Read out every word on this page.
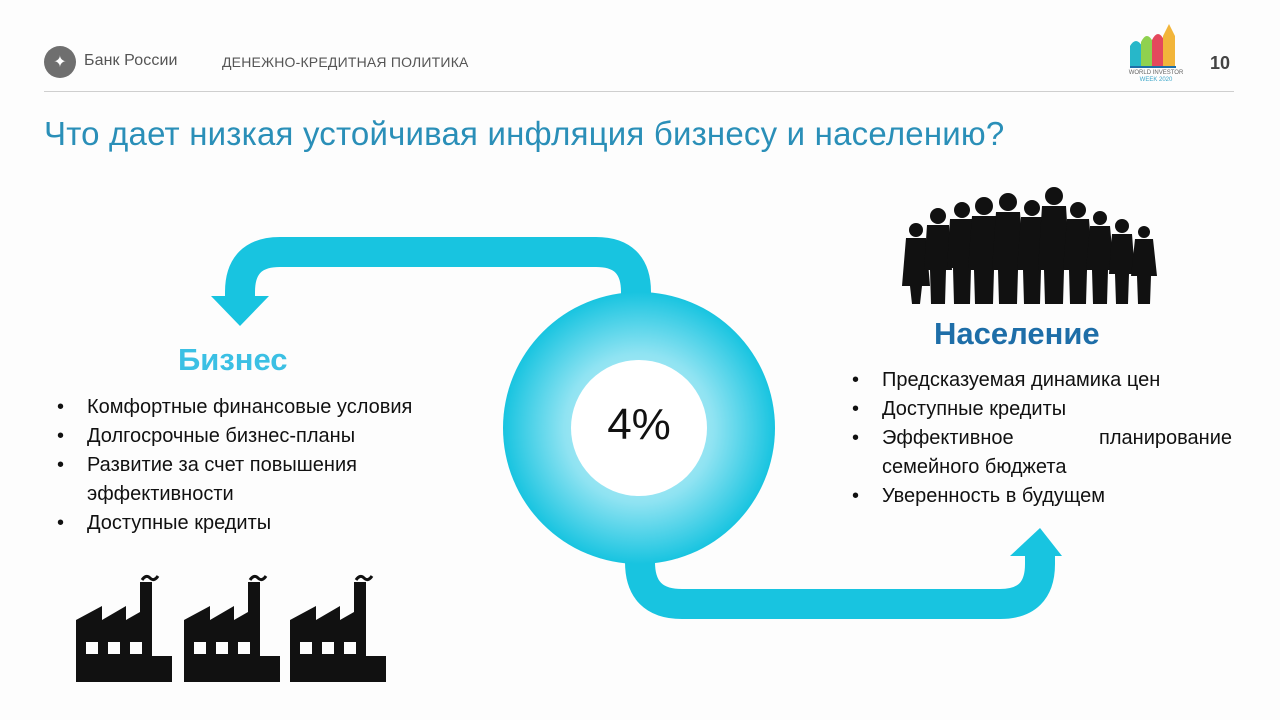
✦	Банк России	ДЕНЕЖНО-КРЕДИТНАЯ ПОЛИТИКА
WORLD INVESTOR
WEEK 2020
10
Что дает низкая устойчивая инфляция бизнесу и населению?
4%
Бизнес
• Комфортные финансовые условия
• Долгосрочные бизнес-планы
• Развитие за счет повышения эффективности
• Доступные кредиты
Население
• Предсказуемая динамика цен
• Доступные кредиты
• Эффективное планирование семейного бюджета
• Уверенность в будущем
